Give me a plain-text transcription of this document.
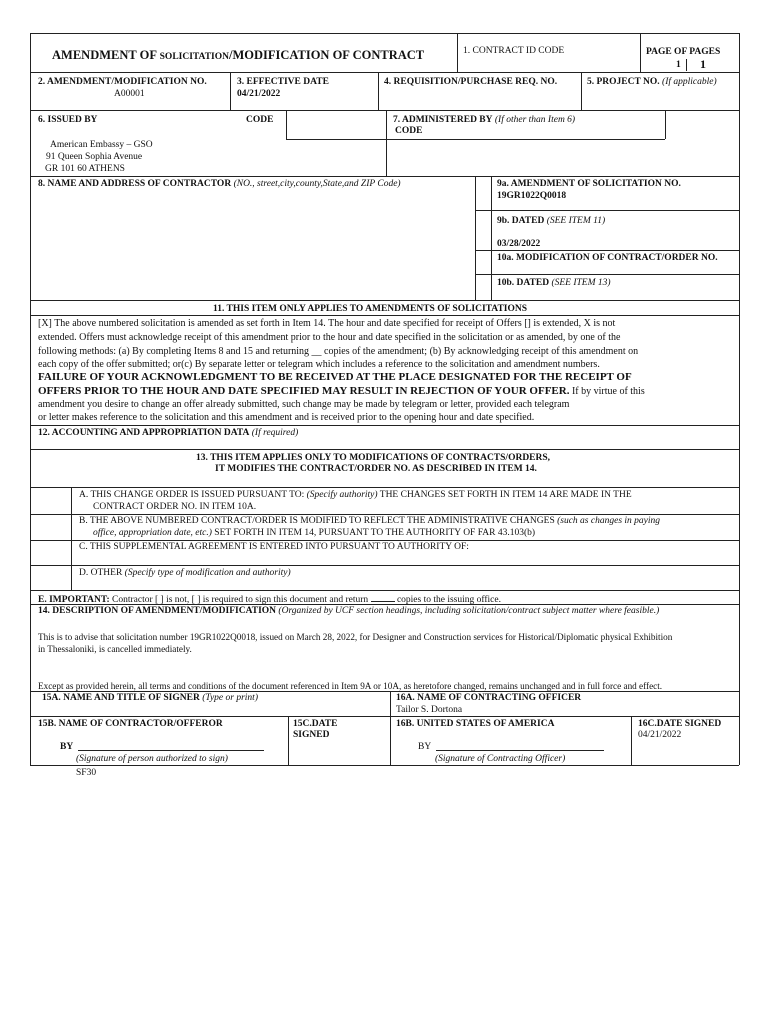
AMENDMENT OF SOLICITATION/MODIFICATION OF CONTRACT	1. CONTRACT ID CODE	PAGE OF PAGES
1 1
2. AMENDMENT/MODIFICATION NO.
A00001
3. EFFECTIVE DATE
04/21/2022
4. REQUISITION/PURCHASE REQ. NO.	5. PROJECT NO. (If applicable)
6. ISSUED BY	CODE	7. ADMINISTERED BY (If other than Item 6)
CODE
American Embassy – GSO
91 Queen Sophia Avenue
GR 101 60 ATHENS
8. NAME AND ADDRESS OF CONTRACTOR (NO., street,city,county,State,and ZIP Code)	9a. AMENDMENT OF SOLICITATION NO.
19GR1022Q0018
9b. DATED (SEE ITEM 11)
03/28/2022
10a. MODIFICATION OF CONTRACT/ORDER NO.
10b. DATED (SEE ITEM 13)
11. THIS ITEM ONLY APPLIES TO AMENDMENTS OF SOLICITATIONS
[X] The above numbered solicitation is amended as set forth in Item 14. The hour and date specified for receipt of Offers [] is extended, X is not
extended. Offers must acknowledge receipt of this amendment prior to the hour and date specified in the solicitation or as amended, by one of the
following methods: (a) By completing Items 8 and 15 and returning __ copies of the amendment; (b) By acknowledging receipt of this amendment on
each copy of the offer submitted; or(c) By separate letter or telegram which includes a reference to the solicitation and amendment numbers.
FAILURE OF YOUR ACKNOWLEDGMENT TO BE RECEIVED AT THE PLACE DESIGNATED FOR THE RECEIPT OF
OFFERS PRIOR TO THE HOUR AND DATE SPECIFIED MAY RESULT IN REJECTION OF YOUR OFFER. If by virtue of this
amendment you desire to change an offer already submitted, such change may be made by telegram or letter, provided each telegram
or letter makes reference to the solicitation and this amendment and is received prior to the opening hour and date specified.
12. ACCOUNTING AND APPROPRIATION DATA (If required)
13. THIS ITEM APPLIES ONLY TO MODIFICATIONS OF CONTRACTS/ORDERS,
IT MODIFIES THE CONTRACT/ORDER NO. AS DESCRIBED IN ITEM 14.
A. THIS CHANGE ORDER IS ISSUED PURSUANT TO: (Specify authority) THE CHANGES SET FORTH IN ITEM 14 ARE MADE IN THE
CONTRACT ORDER NO. IN ITEM 10A.
B. THE ABOVE NUMBERED CONTRACT/ORDER IS MODIFIED TO REFLECT THE ADMINISTRATIVE CHANGES (such as changes in paying
office, appropriation date, etc.) SET FORTH IN ITEM 14, PURSUANT TO THE AUTHORITY OF FAR 43.103(b)
C. THIS SUPPLEMENTAL AGREEMENT IS ENTERED INTO PURSUANT TO AUTHORITY OF:
D. OTHER (Specify type of modification and authority)
E. IMPORTANT: Contractor [ ] is not, [ ] is required to sign this document and return	copies to the issuing office.
14. DESCRIPTION OF AMENDMENT/MODIFICATION (Organized by UCF section headings, including solicitation/contract subject matter where feasible.)
This is to advise that solicitation number 19GR1022Q0018, issued on March 28, 2022, for Designer and Construction services for Historical/Diplomatic physical Exhibition
in Thessaloniki, is cancelled immediately.
Except as provided herein, all terms and conditions of the document referenced in Item 9A or 10A, as heretofore changed, remains unchanged and in full force and effect.
15A. NAME AND TITLE OF SIGNER (Type or print)	16A. NAME OF CONTRACTING OFFICER
Tailor S. Dortona
15B. NAME OF CONTRACTOR/OFFEROR	15C.DATE
SIGNED
16B. UNITED STATES OF AMERICA	16C.DATE SIGNED
04/21/2022
BY
(Signature of person authorized to sign)
BY
(Signature of Contracting Officer)
SF30
